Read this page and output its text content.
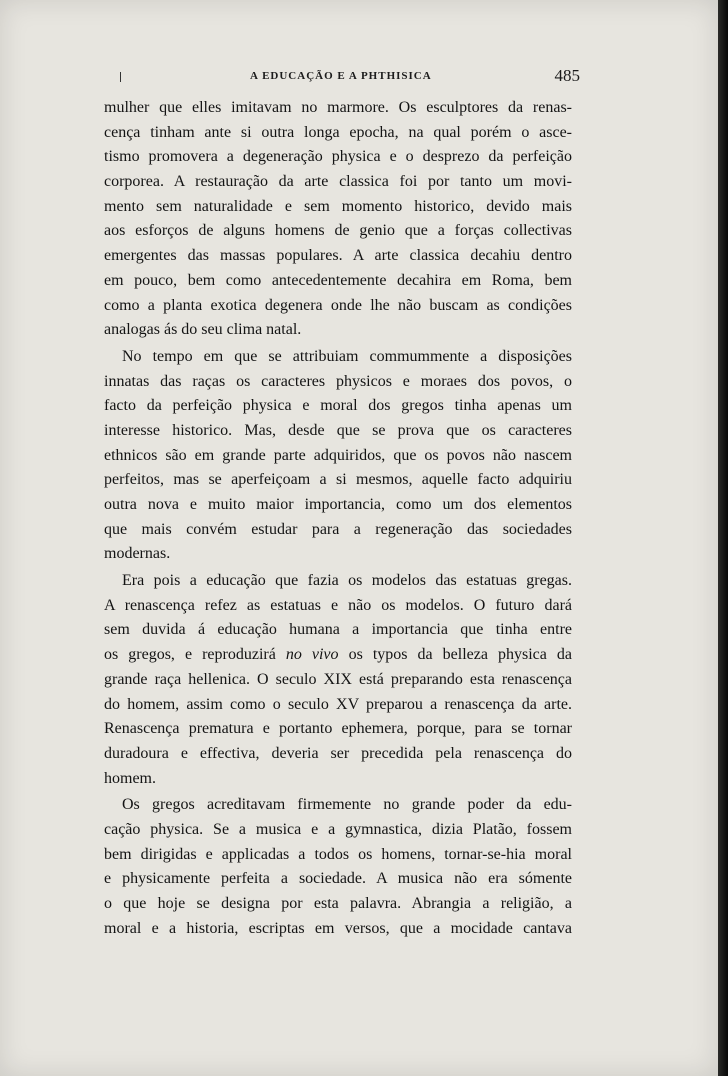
A EDUCAÇÃO E A PHTHISICA	485
mulher que elles imitavam no marmore. Os esculptores da renas-
cença tinham ante si outra longa epocha, na qual porém o asce-
tismo promovera a degeneração physica e o desprezo da perfeição
corporea. A restauração da arte classica foi por tanto um movi-
mento sem naturalidade e sem momento historico, devido mais
aos esforços de alguns homens de genio que a forças collectivas
emergentes das massas populares. A arte classica decahiu dentro
em pouco, bem como antecedentemente decahira em Roma, bem
como a planta exotica degenera onde lhe não buscam as condições
analogas ás do seu clima natal.
No tempo em que se attribuiam commummente a disposições
innatas das raças os caracteres physicos e moraes dos povos, o
facto da perfeição physica e moral dos gregos tinha apenas um
interesse historico. Mas, desde que se prova que os caracteres
ethnicos são em grande parte adquiridos, que os povos não nascem
perfeitos, mas se aperfeiçoam a si mesmos, aquelle facto adquiriu
outra nova e muito maior importancia, como um dos elementos
que mais convém estudar para a regeneração das sociedades
modernas.
Era pois a educação que fazia os modelos das estatuas gregas.
A renascença refez as estatuas e não os modelos. O futuro dará
sem duvida á educação humana a importancia que tinha entre
os gregos, e reproduzirá no vivo os typos da belleza physica da
grande raça hellenica. O seculo XIX está preparando esta renascença
do homem, assim como o seculo XV preparou a renascença da arte.
Renascença prematura e portanto ephemera, porque, para se tornar
duradoura e effectiva, deveria ser precedida pela renascença do
homem.
Os gregos acreditavam firmemente no grande poder da edu-
cação physica. Se a musica e a gymnastica, dizia Platão, fossem
bem dirigidas e applicadas a todos os homens, tornar-se-hia moral
e physicamente perfeita a sociedade. A musica não era sómente
o que hoje se designa por esta palavra. Abrangia a religião, a
moral e a historia, escriptas em versos, que a mocidade cantava
